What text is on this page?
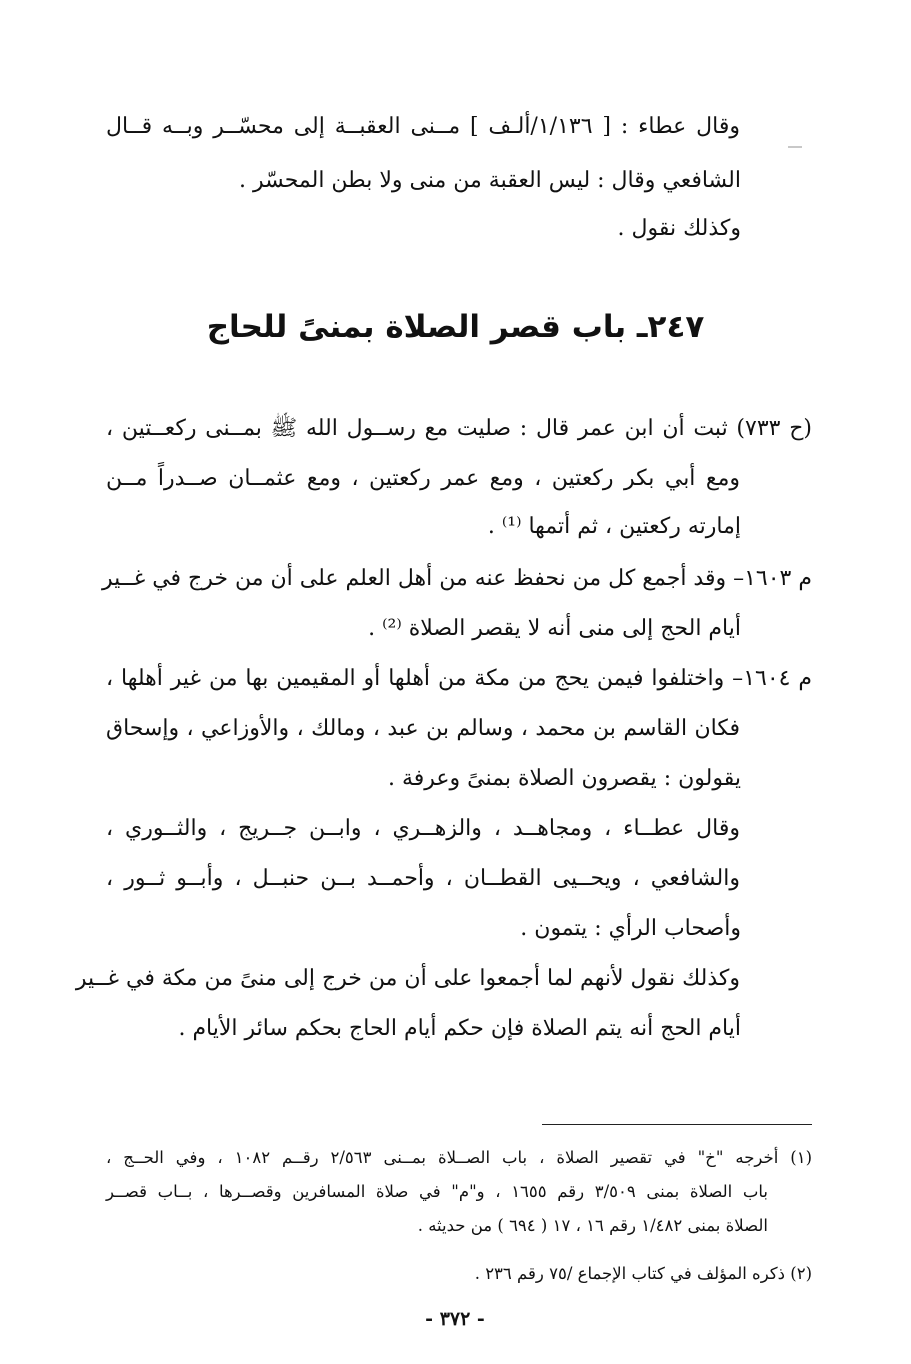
وقال عطاء : [ ١/١٣٦/ألـف ] مــنى العقبــة إلى محسّــر وبــه قــال
الشافعي وقال : ليس العقبة من منى ولا بطن المحسّر .
وكذلك نقول .
٢٤٧ـ باب قصر الصلاة بمنىً للحاج
(ح ٧٣٣) ثبت أن ابن عمر قال : صليت مع رســول الله ﷺ بمــنى ركعــتين ،
ومع أبي بكر ركعتين ، ومع عمر ركعتين ، ومع عثمــان صــدراً مــن
إمارته ركعتين ، ثم أتمها ⁽¹⁾ .
م ١٦٠٣– وقد أجمع كل من نحفظ عنه من أهل العلم على أن من خرج في غــير
أيام الحج إلى منى أنه لا يقصر الصلاة ⁽²⁾ .
م ١٦٠٤– واختلفوا فيمن يحج من مكة من أهلها أو المقيمين بها من غير أهلها ،
فكان القاسم بن محمد ، وسالم بن عبد ، ومالك ، والأوزاعي ، وإسحاق
يقولون : يقصرون الصلاة بمنىً وعرفة .
وقال عطــاء ، ومجاهــد ، والزهــري ، وابــن جــريج ، والثــوري ،
والشافعي ، ويحــيى القطــان ، وأحمــد بــن حنبــل ، وأبــو ثــور ،
وأصحاب الرأي : يتمون .
وكذلك نقول لأنهم لما أجمعوا على أن من خرج إلى منىً من مكة في غــير
أيام الحج أنه يتم الصلاة فإن حكم أيام الحاج بحكم سائر الأيام .
(١) أخرجه "خ" في تقصير الصلاة ، باب الصــلاة بمــنى ٢/٥٦٣ رقــم ١٠٨٢ ، وفي الحــج ،
باب الصلاة بمنى ٣/٥٠٩ رقم ١٦٥٥ ، و"م" في صلاة المسافرين وقصــرها ، بــاب قصــر
الصلاة بمنى ١/٤٨٢ رقم ١٦ ، ١٧ ( ٦٩٤ ) من حديثه .
(٢) ذكره المؤلف في كتاب الإجماع /٧٥ رقم ٢٣٦ .
- ٣٧٢ -
